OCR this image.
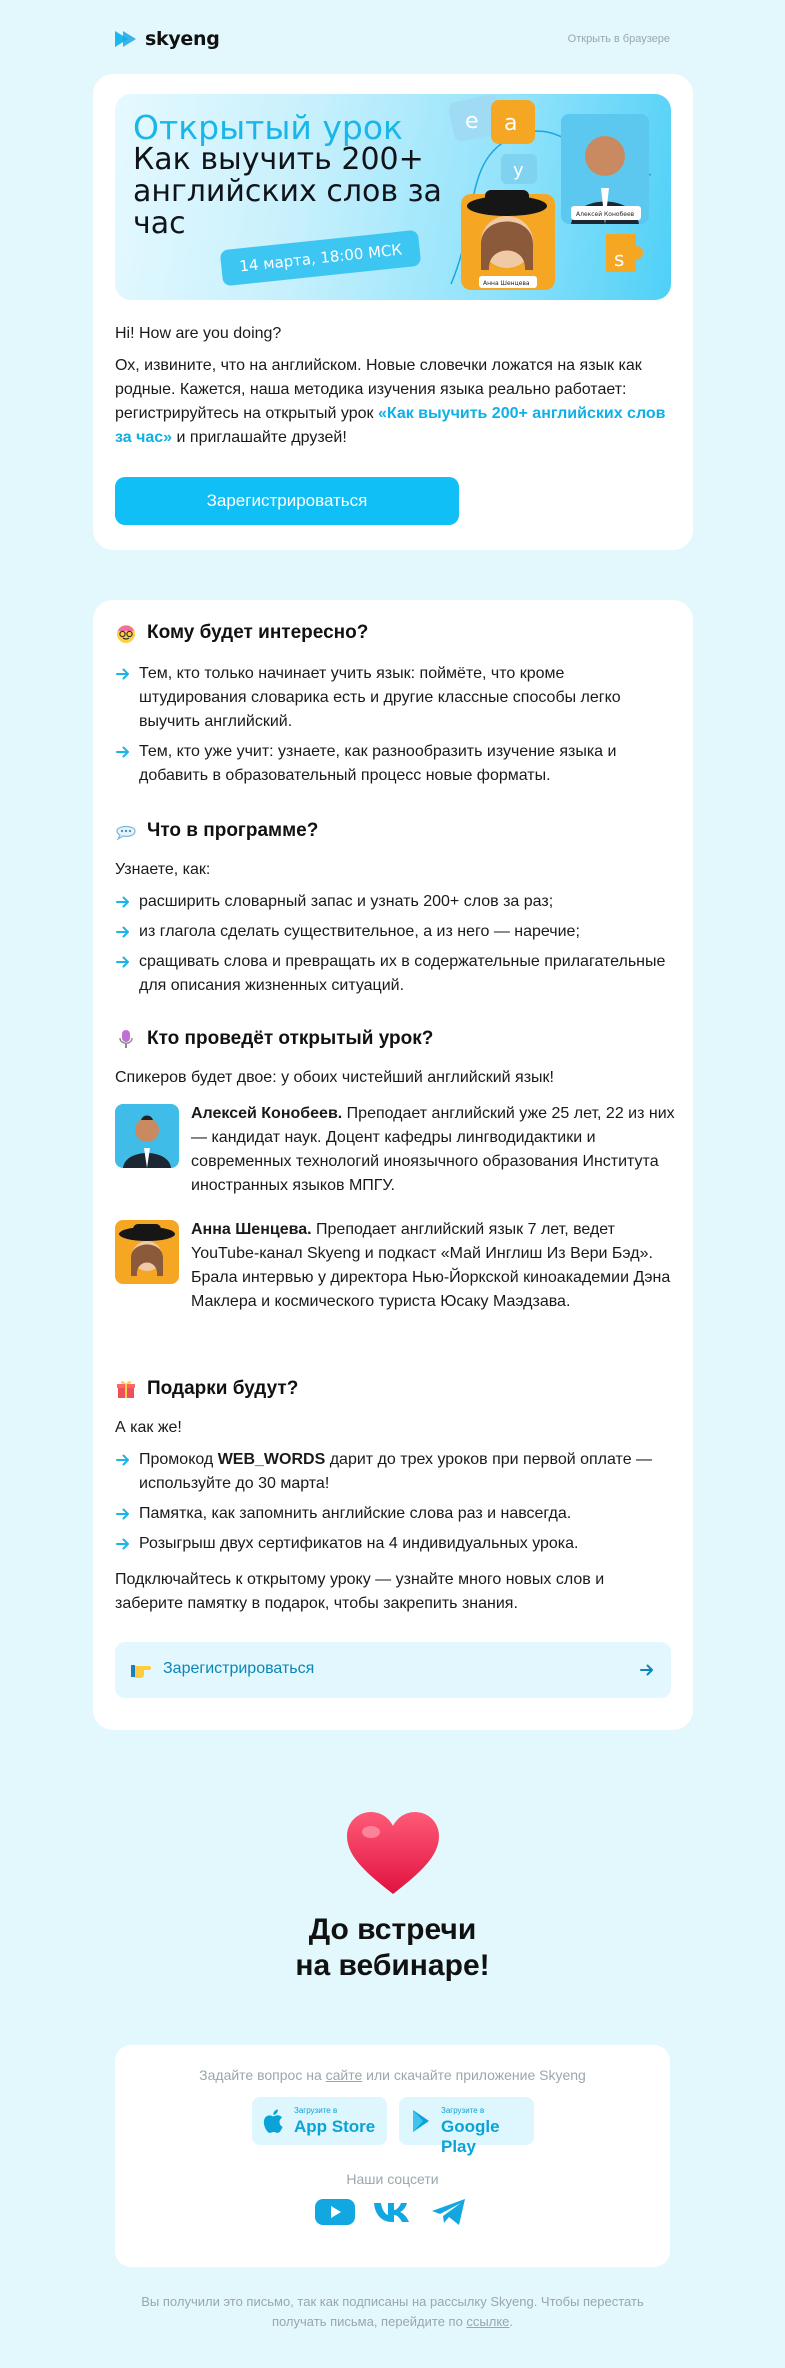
skyeng	Открыть в браузере
Открытый урок
Как выучить 200+ английских слов за час
14 марта, 18:00 МСК
e a
y
Алексей Конобеев
s
Анна Шенцева
Hi! How are you doing?
Ох, извините, что на английском. Новые словечки ложатся на язык как родные. Кажется, наша методика изучения языка реально работает: регистрируйтесь на открытый урок «Как выучить 200+ английских слов за час» и приглашайте друзей!
Зарегистрироваться
Кому будет интересно?
Тем, кто только начинает учить язык: поймёте, что кроме штудирования словарика есть и другие классные способы легко выучить английский.
Тем, кто уже учит: узнаете, как разнообразить изучение языка и добавить в образовательный процесс новые форматы.
Что в программе?
Узнаете, как:
расширить словарный запас и узнать 200+ слов за раз;
из глагола сделать существительное, а из него — наречие;
сращивать слова и превращать их в содержательные прилагательные для описания жизненных ситуаций.
Кто проведёт открытый урок?
Спикеров будет двое: у обоих чистейший английский язык!
Алексей Конобеев. Преподает английский уже 25 лет, 22 из них — кандидат наук. Доцент кафедры лингводидактики и современных технологий иноязычного образования Института иностранных языков МПГУ.
Анна Шенцева. Преподает английский язык 7 лет, ведет YouTube-канал Skyeng и подкаст «Май Инглиш Из Вери Бэд». Брала интервью у директора Нью-Йоркской киноакадемии Дэна Маклера и космического туриста Юсаку Маэдзава.
Подарки будут?
А как же!
Промокод WEB_WORDS дарит до трех уроков при первой оплате — используйте до 30 марта!
Памятка, как запомнить английские слова раз и навсегда.
Розыгрыш двух сертификатов на 4 индивидуальных урока.
Подключайтесь к открытому уроку — узнайте много новых слов и заберите памятку в подарок, чтобы закрепить знания.
Зарегистрироваться
До встречи
на вебинаре!
Задайте вопрос на сайте или скачайте приложение Skyeng
Загрузите в
App Store
Загрузите в
Google Play
Наши соцсети
Вы получили это письмо, так как подписаны на рассылку Skyeng. Чтобы перестать получать письма, перейдите по ссылке.
